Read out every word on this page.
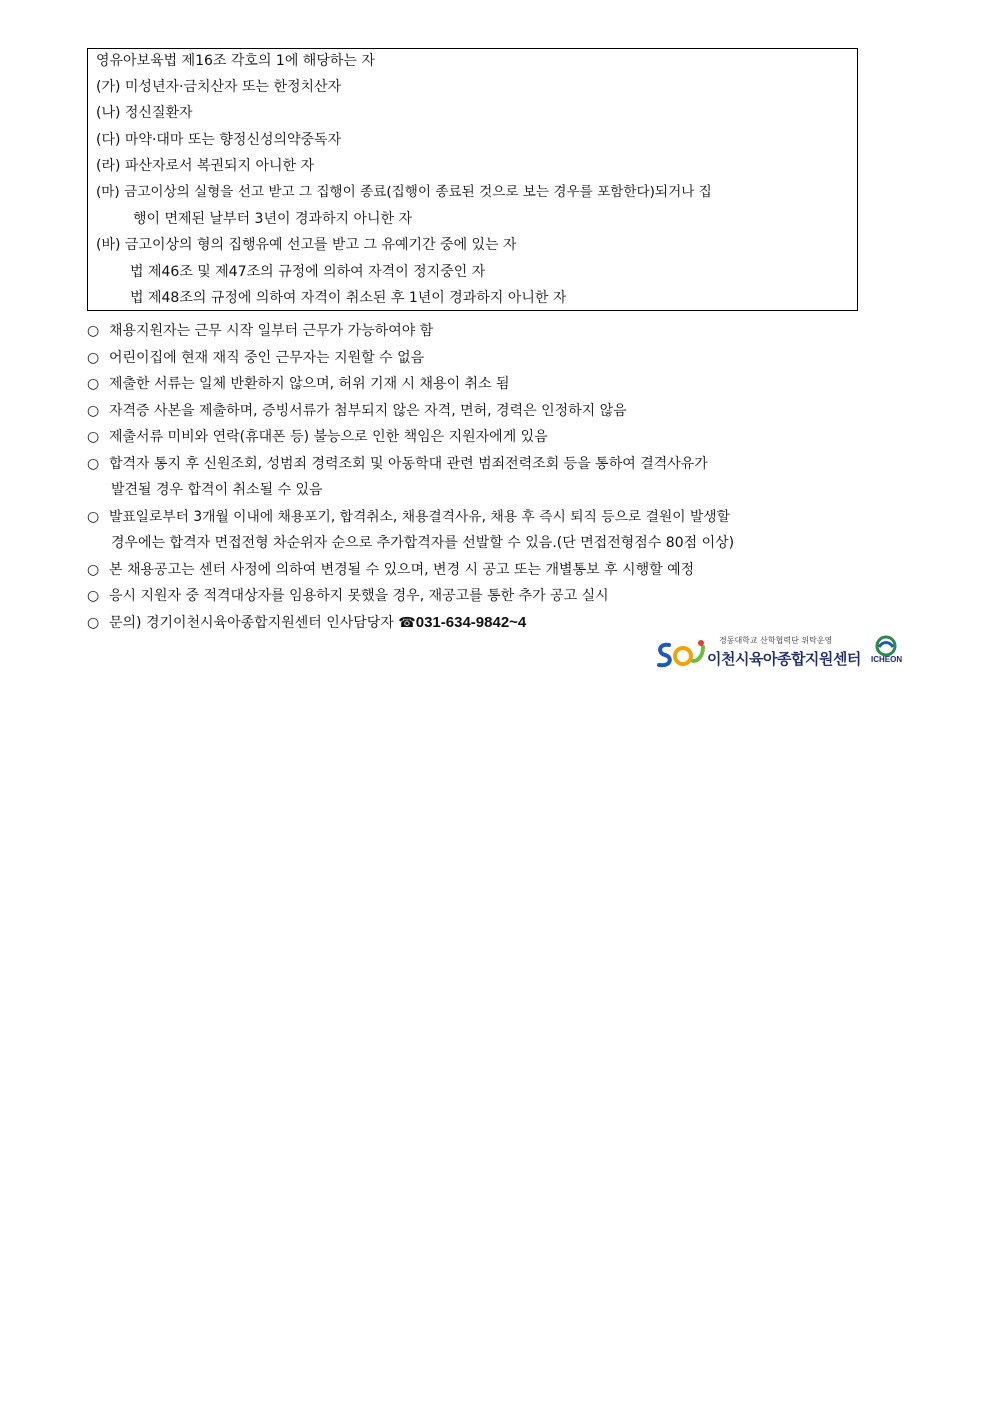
영유아보육법 제16조 각호의 1에 해당하는 자
(가) 미성년자·금치산자 또는 한정치산자
(나) 정신질환자
(다) 마약·대마 또는 향정신성의약중독자
(라) 파산자로서 복권되지 아니한 자
(마) 금고이상의 실형을 선고 받고 그 집행이 종료(집행이 종료된 것으로 보는 경우를 포함한다)되거나 집
행이 면제된 날부터 3년이 경과하지 아니한 자
(바) 금고이상의 형의 집행유예 선고를 받고 그 유예기간 중에 있는 자
법 제46조 및 제47조의 규정에 의하여 자격이 정지중인 자
법 제48조의 규정에 의하여 자격이 취소된 후 1년이 경과하지 아니한 자
○ 채용지원자는 근무 시작 일부터 근무가 가능하여야 함
○ 어린이집에 현재 재직 중인 근무자는 지원할 수 없음
○ 제출한 서류는 일체 반환하지 않으며, 허위 기재 시 채용이 취소 됨
○ 자격증 사본을 제출하며, 증빙서류가 첨부되지 않은 자격, 면허, 경력은 인정하지 않음
○ 제출서류 미비와 연락(휴대폰 등) 불능으로 인한 책임은 지원자에게 있음
○ 합격자 통지 후 신원조회, 성범죄 경력조회 및 아동학대 관련 범죄전력조회 등을 통하여 결격사유가
발견될 경우 합격이 취소될 수 있음
○ 발표일로부터 3개월 이내에 채용포기, 합격취소, 채용결격사유, 채용 후 즉시 퇴직 등으로 결원이 발생할
경우에는 합격자 면접전형 차순위자 순으로 추가합격자를 선발할 수 있음.(단 면접전형점수 80점 이상)
○ 본 채용공고는 센터 사정에 의하여 변경될 수 있으며, 변경 시 공고 또는 개별통보 후 시행할 예정
○ 응시 지원자 중 적격대상자를 임용하지 못했을 경우, 재공고를 통한 추가 공고 실시
○ 문의) 경기이천시육아종합지원센터 인사담당자 ☎031-634-9842~4
경동대학교 산학협력단 위탁운영
이천시육아종합지원센터 ICHEON
